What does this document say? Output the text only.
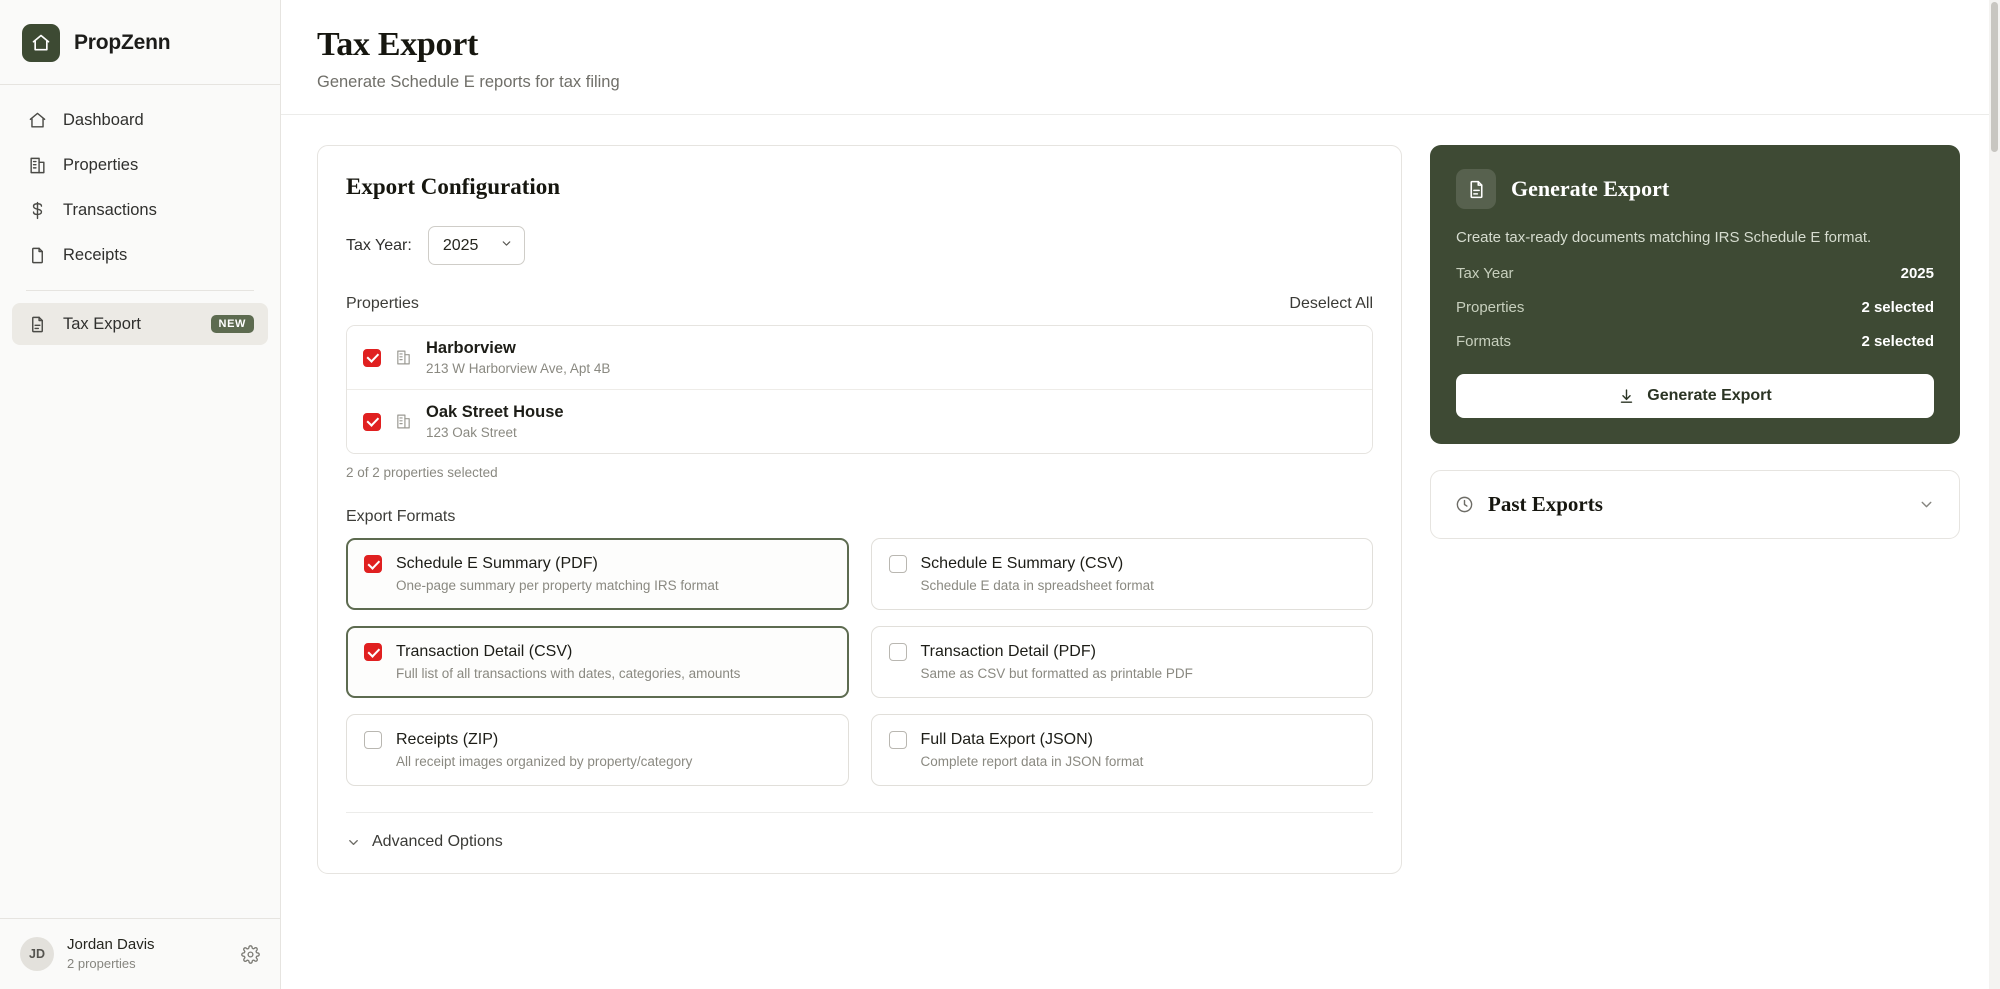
PropZenn
Dashboard
Properties
Transactions
Receipts
Tax Export	NEW
JD
Jordan Davis
2 properties
Tax Export
Generate Schedule E reports for tax filing
Export Configuration
Tax Year:
2025
Properties	Deselect All
Harborview
213 W Harborview Ave, Apt 4B
Oak Street House
123 Oak Street
2 of 2 properties selected
Export Formats
Schedule E Summary (PDF)
One-page summary per property matching IRS format
Schedule E Summary (CSV)
Schedule E data in spreadsheet format
Transaction Detail (CSV)
Full list of all transactions with dates, categories, amounts
Transaction Detail (PDF)
Same as CSV but formatted as printable PDF
Receipts (ZIP)
All receipt images organized by property/category
Full Data Export (JSON)
Complete report data in JSON format
Advanced Options
Generate Export
Create tax-ready documents matching IRS Schedule E format.
Tax Year	2025
Properties	2 selected
Formats	2 selected
Generate Export
Past Exports
